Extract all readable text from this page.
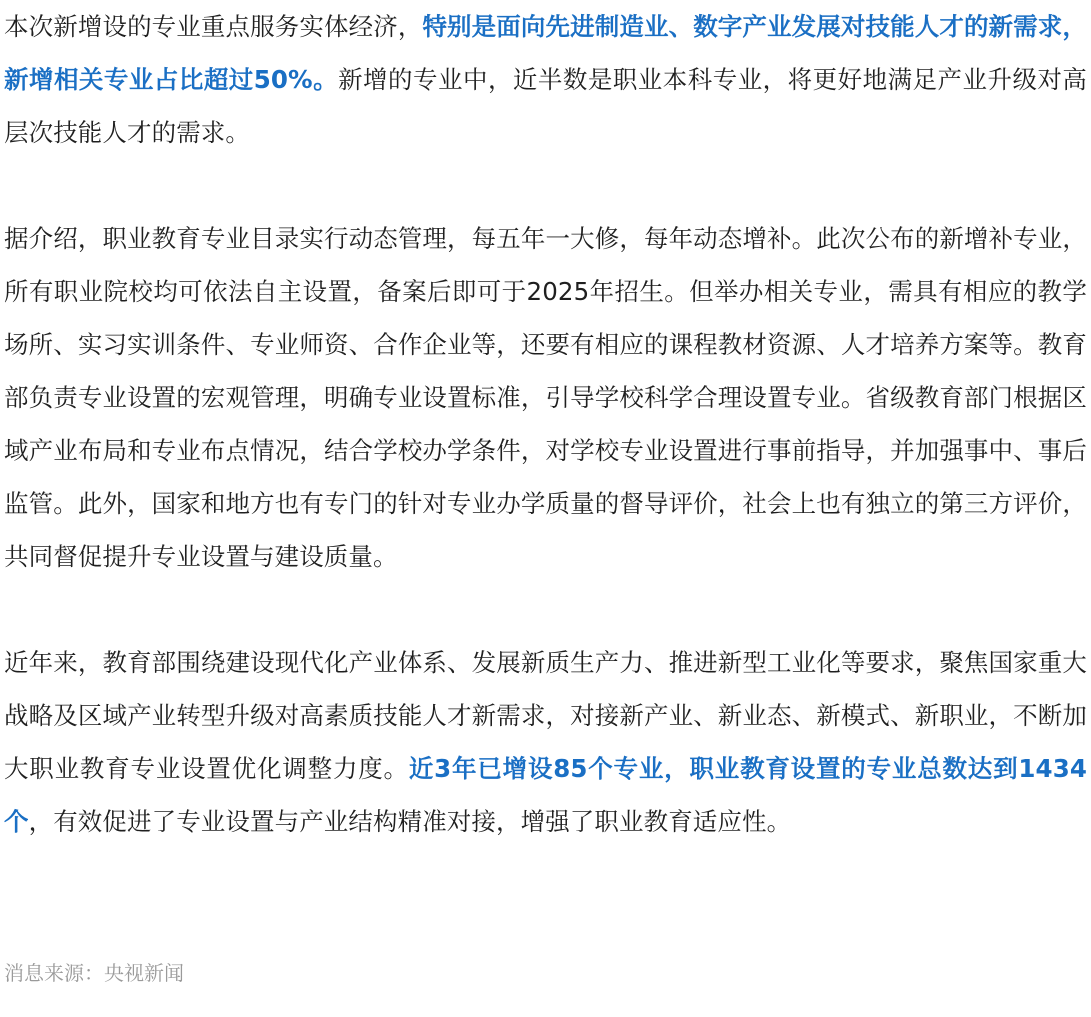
本次新增设的专业重点服务实体经济，特别是面向先进制造业、数字产业发展对技能人才的新需求，新增相关专业占比超过50%。新增的专业中，近半数是职业本科专业，将更好地满足产业升级对高层次技能人才的需求。

据介绍，职业教育专业目录实行动态管理，每五年一大修，每年动态增补。此次公布的新增补专业，所有职业院校均可依法自主设置，备案后即可于2025年招生。但举办相关专业，需具有相应的教学场所、实习实训条件、专业师资、合作企业等，还要有相应的课程教材资源、人才培养方案等。教育部负责专业设置的宏观管理，明确专业设置标准，引导学校科学合理设置专业。省级教育部门根据区域产业布局和专业布点情况，结合学校办学条件，对学校专业设置进行事前指导，并加强事中、事后监管。此外，国家和地方也有专门的针对专业办学质量的督导评价，社会上也有独立的第三方评价，共同督促提升专业设置与建设质量。

近年来，教育部围绕建设现代化产业体系、发展新质生产力、推进新型工业化等要求，聚焦国家重大战略及区域产业转型升级对高素质技能人才新需求，对接新产业、新业态、新模式、新职业，不断加大职业教育专业设置优化调整力度。近3年已增设85个专业，职业教育设置的专业总数达到1434个，有效促进了专业设置与产业结构精准对接，增强了职业教育适应性。

消息来源：央视新闻
